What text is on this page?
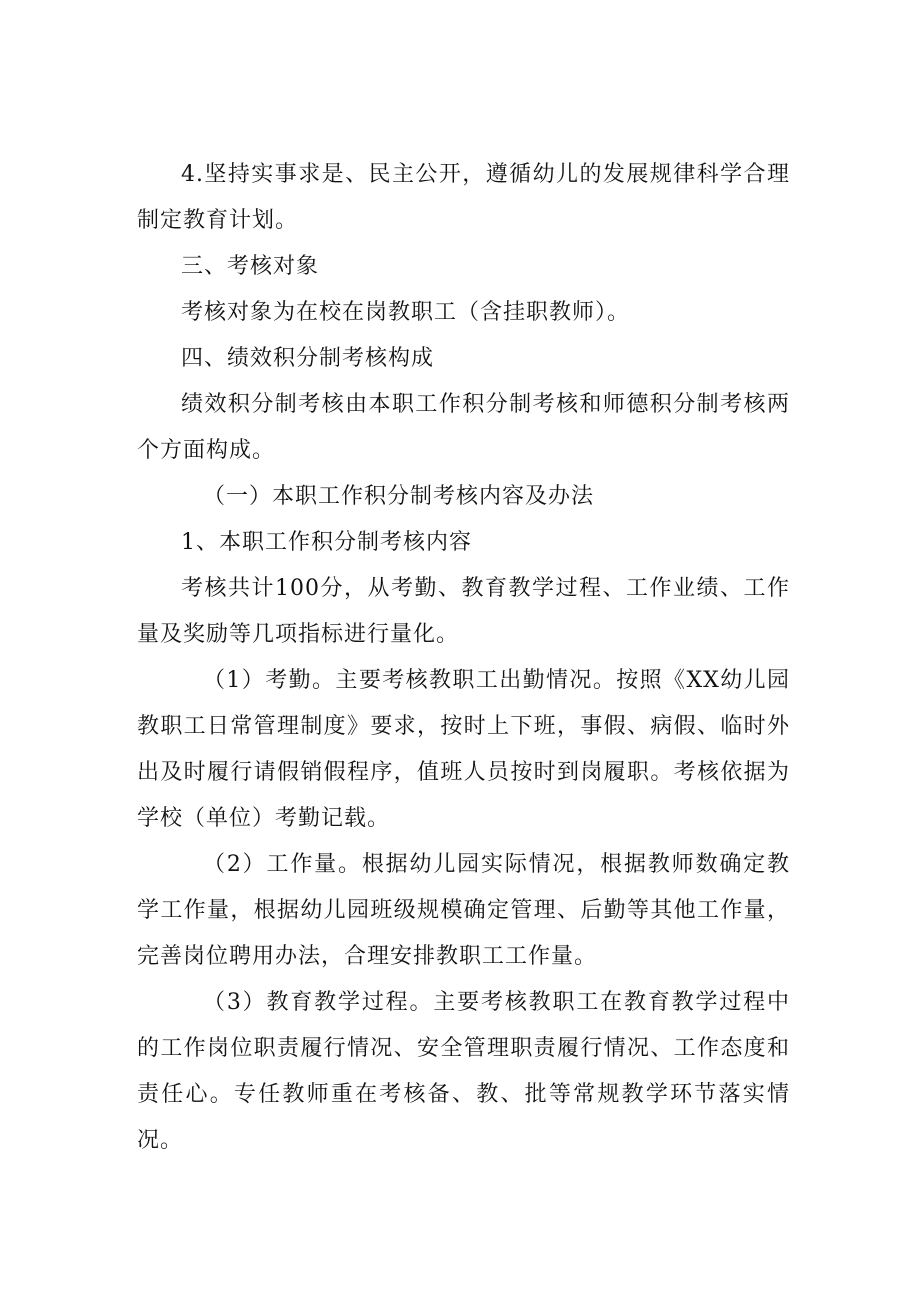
4.坚持实事求是、民主公开，遵循幼儿的发展规律科学合理制定教育计划。

三、考核对象

考核对象为在校在岗教职工（含挂职教师）。

四、绩效积分制考核构成

绩效积分制考核由本职工作积分制考核和师德积分制考核两个方面构成。

（一）本职工作积分制考核内容及办法

1、本职工作积分制考核内容

考核共计100分，从考勤、教育教学过程、工作业绩、工作量及奖励等几项指标进行量化。

（1）考勤。主要考核教职工出勤情况。按照《XX幼儿园教职工日常管理制度》要求，按时上下班，事假、病假、临时外出及时履行请假销假程序，值班人员按时到岗履职。考核依据为学校（单位）考勤记载。

（2）工作量。根据幼儿园实际情况，根据教师数确定教学工作量，根据幼儿园班级规模确定管理、后勤等其他工作量，完善岗位聘用办法，合理安排教职工工作量。

（3）教育教学过程。主要考核教职工在教育教学过程中的工作岗位职责履行情况、安全管理职责履行情况、工作态度和责任心。专任教师重在考核备、教、批等常规教学环节落实情况。
